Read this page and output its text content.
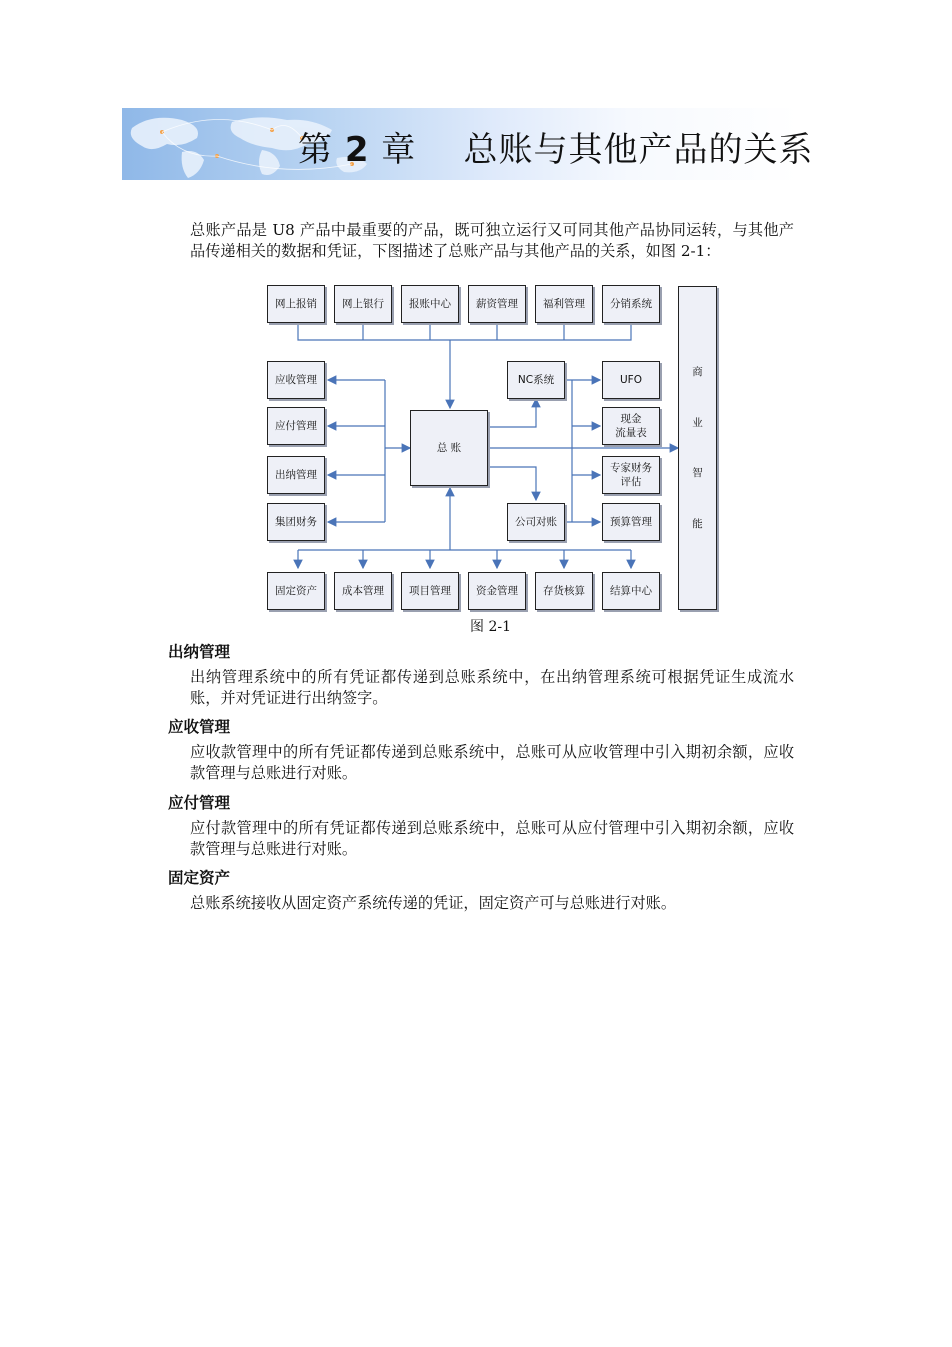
第 2 章 总账与其他产品的关系
总账产品是 U8 产品中最重要的产品，既可独立运行又可同其他产品协同运转，与其他产品传递相关的数据和凭证，下图描述了总账产品与其他产品的关系，如图 2-1：
网上报销	网上银行	报账中心	薪资管理	福利管理	分销系统
应收管理
应付管理
出纳管理
集团财务
总 账
NC系统
公司对账
UFO
现金
流量表
专家财务
评估
预算管理
固定资产	成本管理	项目管理	资金管理	存货核算	结算中心
商
业
智
能
图 2-1
出纳管理
出纳管理系统中的所有凭证都传递到总账系统中，在出纳管理系统可根据凭证生成流水账，并对凭证进行出纳签字。
应收管理
应收款管理中的所有凭证都传递到总账系统中，总账可从应收管理中引入期初余额，应收款管理与总账进行对账。
应付管理
应付款管理中的所有凭证都传递到总账系统中，总账可从应付管理中引入期初余额，应收款管理与总账进行对账。
固定资产
总账系统接收从固定资产系统传递的凭证，固定资产可与总账进行对账。
